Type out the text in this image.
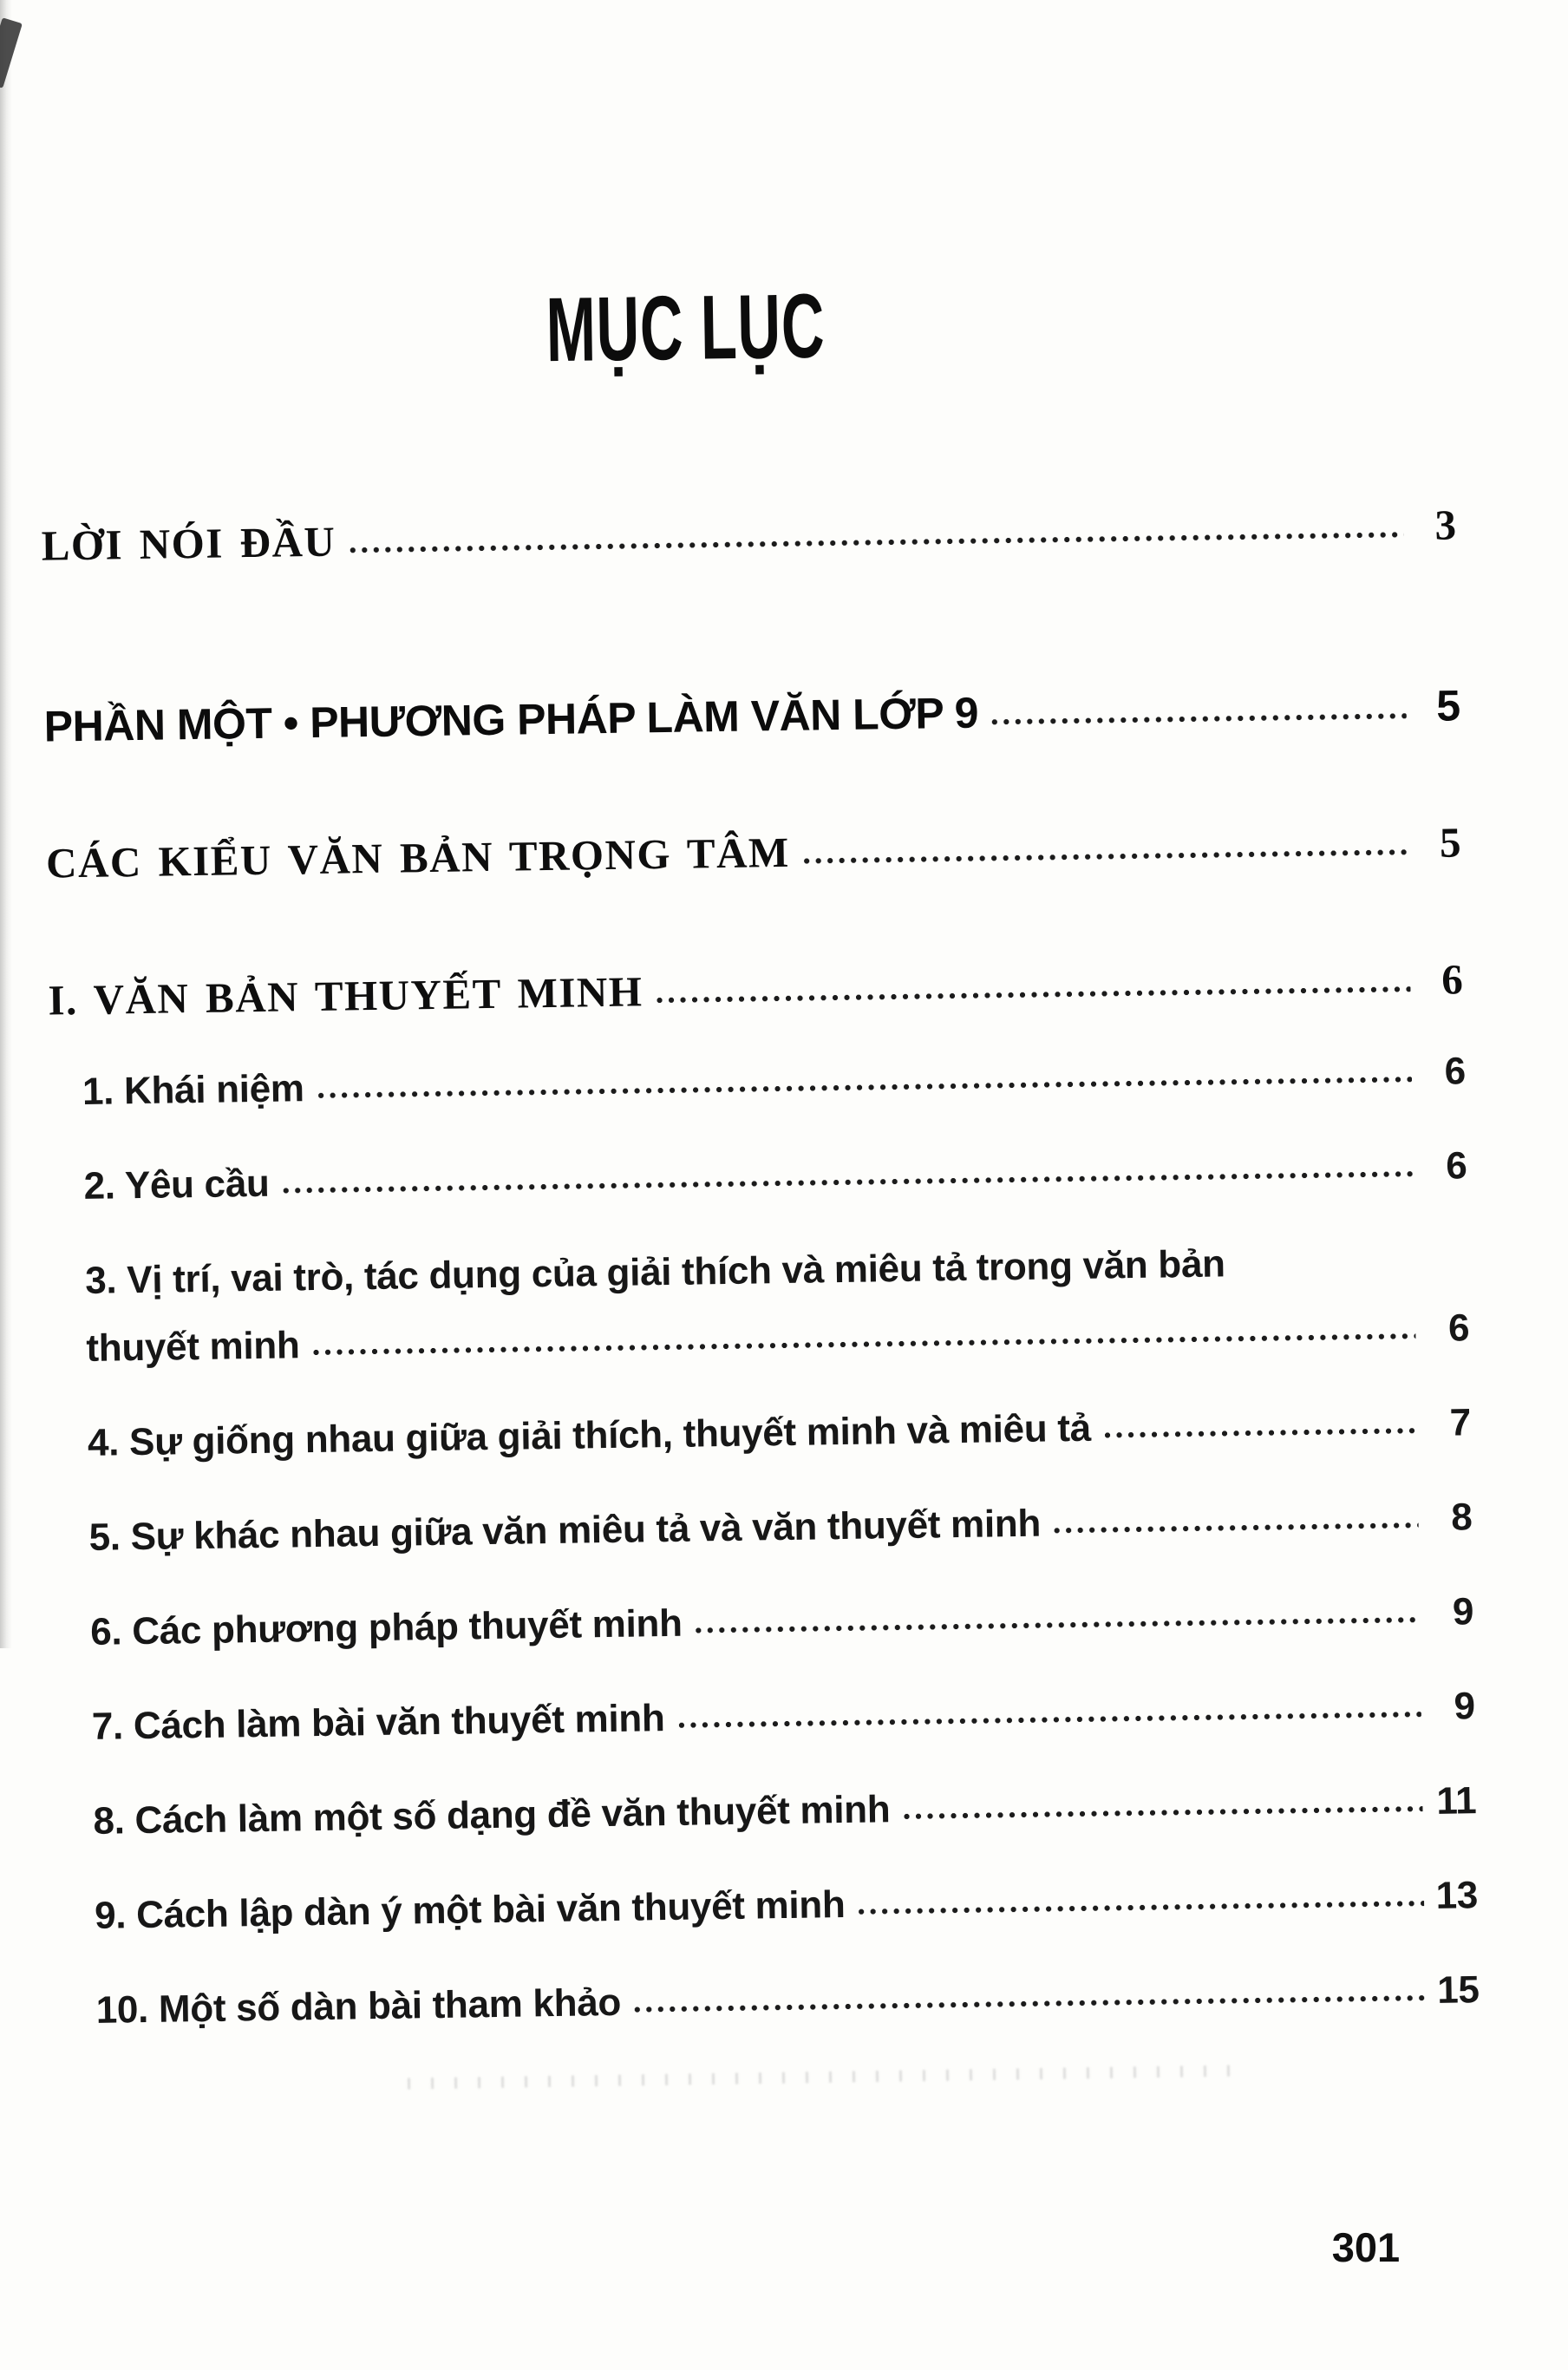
MỤC LỤC
LỜI NÓI ĐẦU	3
PHẦN MỘT • PHƯƠNG PHÁP LÀM VĂN LỚP 9	5
CÁC KIỂU VĂN BẢN TRỌNG TÂM	5
I. VĂN BẢN THUYẾT MINH	6
1. Khái niệm	6
2. Yêu cầu	6
3. Vị trí, vai trò, tác dụng của giải thích và miêu tả trong văn bản
thuyết minh	6
4. Sự giống nhau giữa giải thích, thuyết minh và miêu tả	7
5. Sự khác nhau giữa văn miêu tả và văn thuyết minh	8
6. Các phương pháp thuyết minh	9
7. Cách làm bài văn thuyết minh	9
8. Cách làm một số dạng đề văn thuyết minh	11
9. Cách lập dàn ý một bài văn thuyết minh	13
10. Một số dàn bài tham khảo	15
301
